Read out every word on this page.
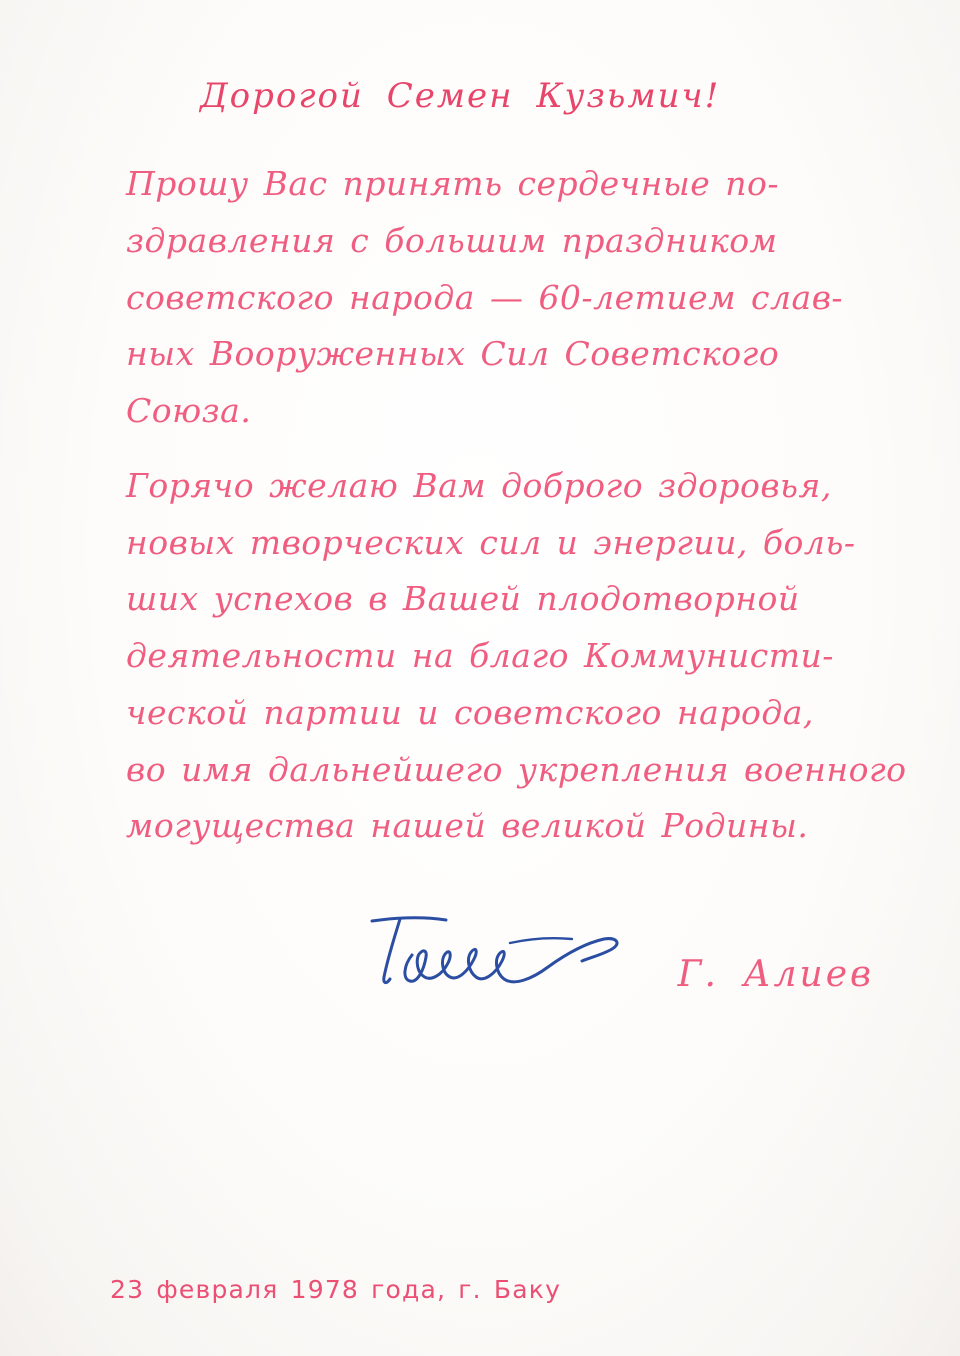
Дорогой Семен Кузьмич!
Прошу Вас принять сердечные по-
здравления с большим праздником
советского народа — 60-летием слав-
ных Вооруженных Сил Советского
Союза.
Горячо желаю Вам доброго здоровья,
новых творческих сил и энергии, боль-
ших успехов в Вашей плодотворной
деятельности на благо Коммунисти-
ческой партии и советского народа,
во имя дальнейшего укрепления военного
могущества нашей великой Родины.
Г. Алиев
23 февраля 1978 года, г. Баку
